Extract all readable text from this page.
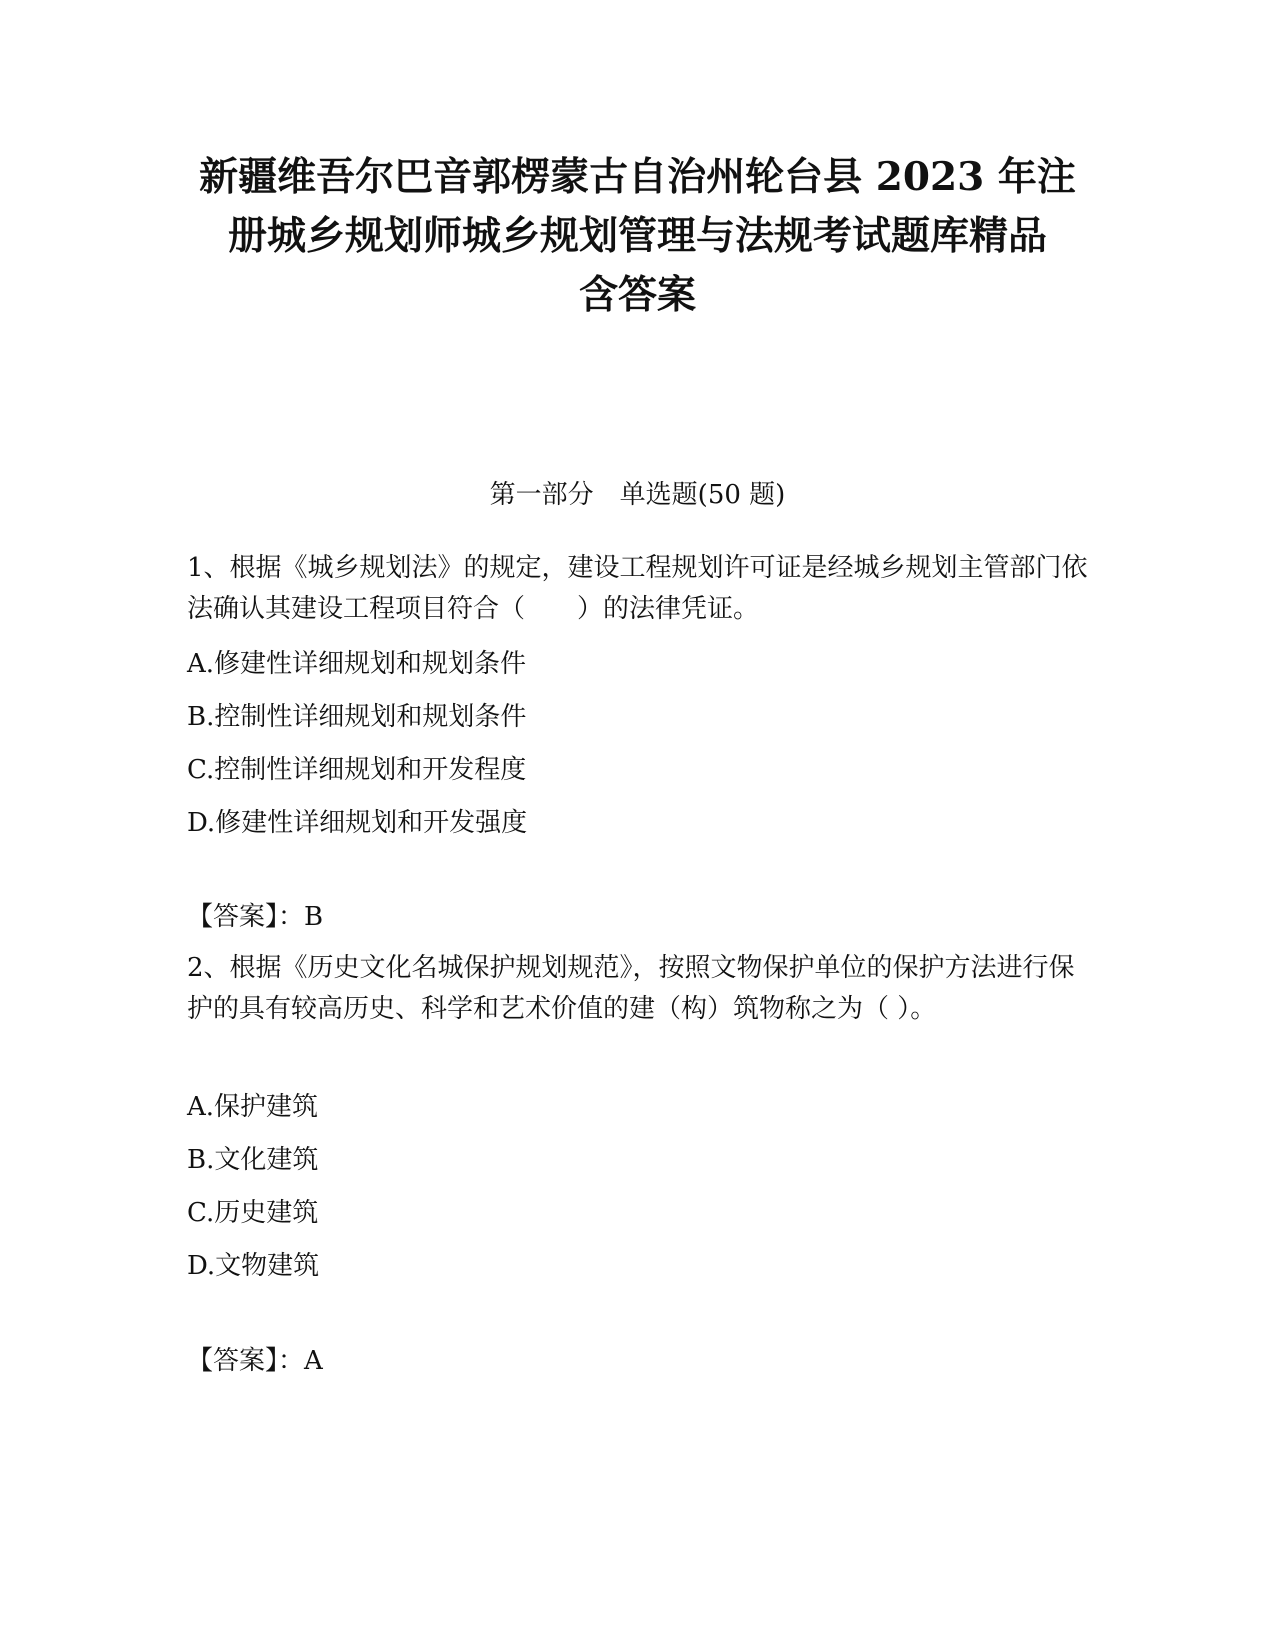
新疆维吾尔巴音郭楞蒙古自治州轮台县 2023 年注
册城乡规划师城乡规划管理与法规考试题库精品
含答案
第一部分　单选题(50 题)
1、根据《城乡规划法》的规定，建设工程规划许可证是经城乡规划主管部门依法确认其建设工程项目符合（　　）的法律凭证。
A.修建性详细规划和规划条件
B.控制性详细规划和规划条件
C.控制性详细规划和开发程度
D.修建性详细规划和开发强度
【答案】：B
2、根据《历史文化名城保护规划规范》，按照文物保护单位的保护方法进行保护的具有较高历史、科学和艺术价值的建（构）筑物称之为（ ）。
A.保护建筑
B.文化建筑
C.历史建筑
D.文物建筑
【答案】：A
